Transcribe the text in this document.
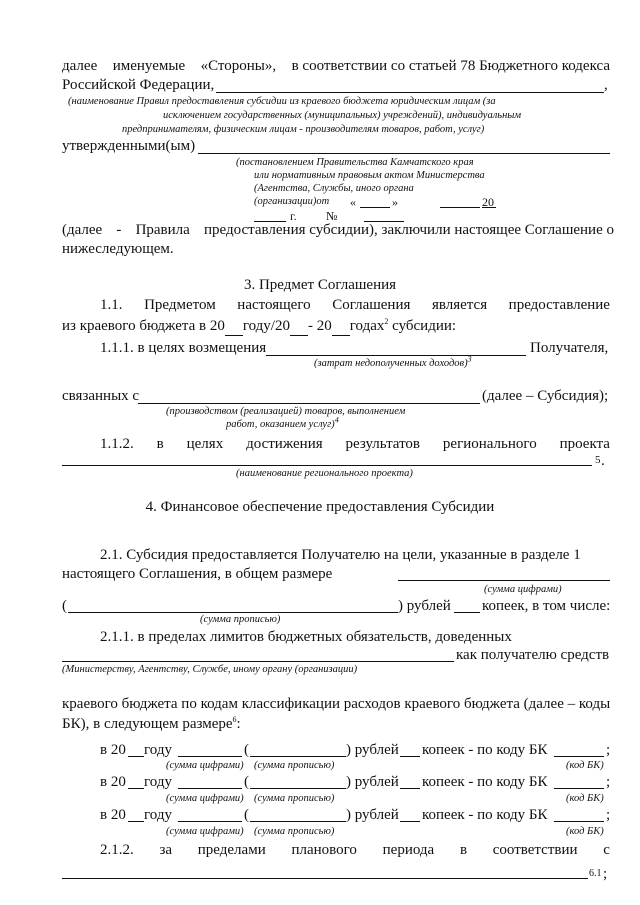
далее именуемые «Стороны», в соответствии со статьей 78 Бюджетного кодекса
Российской Федерации,	,
(наименование Правил предоставления субсидии из краевого бюджета юридическим лицам (за
исключением государственных (муниципальных) учреждений), индивидуальным
предпринимателям, физическим лицам - производителям товаров, работ, услуг)
утвержденными(ым)
(постановлением Правительства Камчатского края
или нормативным правовым актом Министерства
(Агентства, Службы, иного органа
(организации)от «	»	20
г. №
(далее - Правила предоставления субсидии), заключили настоящее Соглашение о
нижеследующем.
3. Предмет Соглашения
1.1. Предметом настоящего Соглашения является предоставление
из краевого бюджета в 20 году/20 - 20 годах$^2$ субсидии:
1.1.1. в целях возмещения	Получателя,
(затрат недополученных доходов)$^3$
связанных с	(далее – Субсидия);
(производством (реализацией) товаров, выполнением
работ, оказанием услуг)$^4$
1.1.2. в целях достижения результатов регионального проекта
5 .
(наименование регионального проекта)
4. Финансовое обеспечение предоставления Субсидии
2.1. Субсидия предоставляется Получателю на цели, указанные в разделе 1
настоящего Соглашения, в общем размере
(сумма цифрами)
(	) рублей копеек, в том числе:
(сумма прописью)
2.1.1. в пределах лимитов бюджетных обязательств, доведенных
как получателю средств
(Министерству, Агентству, Службе, иному органу (организации)
краевого бюджета по кодам классификации расходов краевого бюджета (далее – коды
БК), в следующем размере$^6$:
в 20 году	(	) рублей копеек - по коду БК	;
(сумма цифрами) (сумма прописью)	(код БК)
в 20 году	(	) рублей копеек - по коду БК	;
(сумма цифрами) (сумма прописью)	(код БК)
в 20 году	(	) рублей копеек - по коду БК	;
(сумма цифрами) (сумма прописью)	(код БК)
2.1.2. за пределами планового периода в соответствии с
6.1 ;
